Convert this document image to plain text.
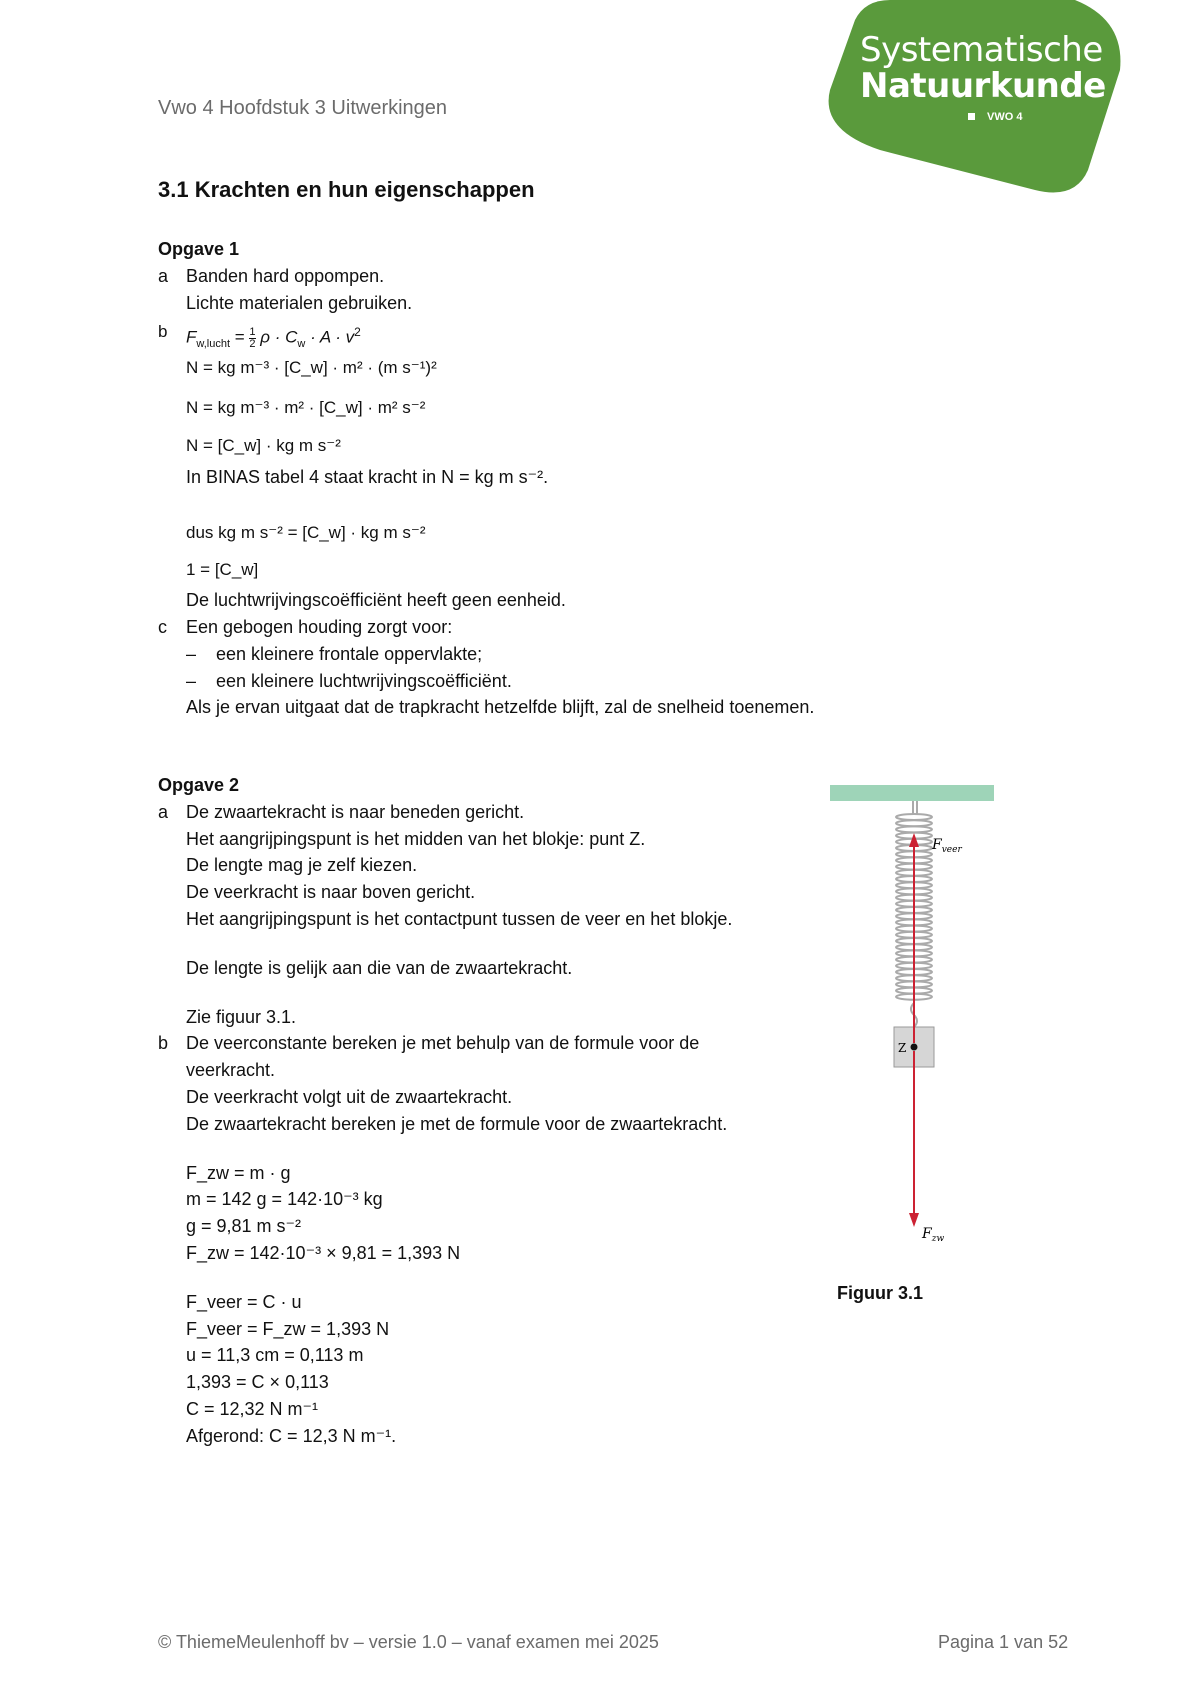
Systematische
Natuurkunde
VWO 4
Vwo 4 Hoofdstuk 3 Uitwerkingen
3.1 Krachten en hun eigenschappen
Opgave 1
a Banden hard oppompen.
Lichte materialen gebruiken.
b $F_{w,lucht} = \frac{1}{2}$ $\rho \cdot C_w \cdot A \cdot v^2$
N = kg m⁻³ · [C_w] · m² · (m s⁻¹)²
N = kg m⁻³ · m² · [C_w] · m² s⁻²
N = [C_w] · kg m s⁻²
In BINAS tabel 4 staat kracht in N = kg m s⁻².
dus kg m s⁻² = [C_w] · kg m s⁻²
1 = [C_w]
De luchtwrijvingscoëfficiënt heeft geen eenheid.
c Een gebogen houding zorgt voor:
– een kleinere frontale oppervlakte;
– een kleinere luchtwrijvingscoëfficiënt.
Als je ervan uitgaat dat de trapkracht hetzelfde blijft, zal de snelheid toenemen.
Opgave 2
a De zwaartekracht is naar beneden gericht.
Het aangrijpingspunt is het midden van het blokje: punt Z.
De lengte mag je zelf kiezen.
De veerkracht is naar boven gericht.
Het aangrijpingspunt is het contactpunt tussen de veer en het blokje.
De lengte is gelijk aan die van de zwaartekracht.
Zie figuur 3.1.
b De veerconstante bereken je met behulp van de formule voor de
veerkracht.
De veerkracht volgt uit de zwaartekracht.
De zwaartekracht bereken je met de formule voor de zwaartekracht.
F_zw = m · g
m = 142 g = 142·10⁻³ kg
g = 9,81 m s⁻²
F_zw = 142·10⁻³ × 9,81 = 1,393 N
F_veer = C · u
F_veer = F_zw = 1,393 N
u = 11,3 cm = 0,113 m
1,393 = C × 0,113
C = 12,32 N m⁻¹
Afgerond: C = 12,3 N m⁻¹.
Z
$F_{veer}$
$F_{zw}$
Figuur 3.1
© ThiemeMeulenhoff bv – versie 1.0 – vanaf examen mei 2025	Pagina 1 van 52
